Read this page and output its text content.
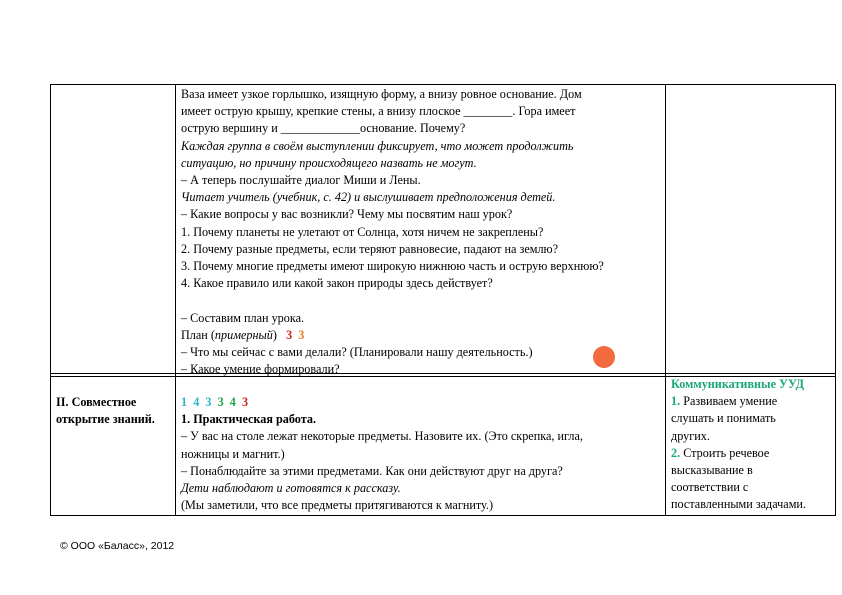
Ваза имеет узкое горлышко, изящную форму, а внизу ровное основание. Дом
имеет острую крышу, крепкие стены, а внизу плоское ________. Гора имеет
острую вершину и _____________основание. Почему?
Каждая группа в своём выступлении фиксирует, что может продолжить
ситуацию, но причину происходящего назвать не могут.
– А теперь послушайте диалог Миши и Лены.
Читает учитель (учебник, с. 42) и выслушивает предположения детей.
– Какие вопросы у вас возникли? Чему мы посвятим наш урок?
1. Почему планеты не улетают от Солнца, хотя ничем не закреплены?
2. Почему разные предметы, если теряют равновесие, падают на землю?
3. Почему многие предметы имеют широкую нижнюю часть и острую верхнюю?
4. Какое правило или какой закон природы здесь действует?
– Составим план урока.
План (примерный) 3 3
– Что мы сейчас с вами делали? (Планировали нашу деятельность.)
– Какое умение формировали?
II. Совместное
открытие знаний.
1 4 3 3 4 3
1. Практическая работа.
– У вас на столе лежат некоторые предметы. Назовите их. (Это скрепка, игла,
ножницы и магнит.)
– Понаблюдайте за этими предметами. Как они действуют друг на друга?
Дети наблюдают и готовятся к рассказу.
(Мы заметили, что все предметы притягиваются к магниту.)
Коммуникативные УУД
1. Развиваем умение
слушать и понимать
других.
2. Строить речевое
высказывание в
соответствии с
поставленными задачами.
© ООО «Баласс», 2012
